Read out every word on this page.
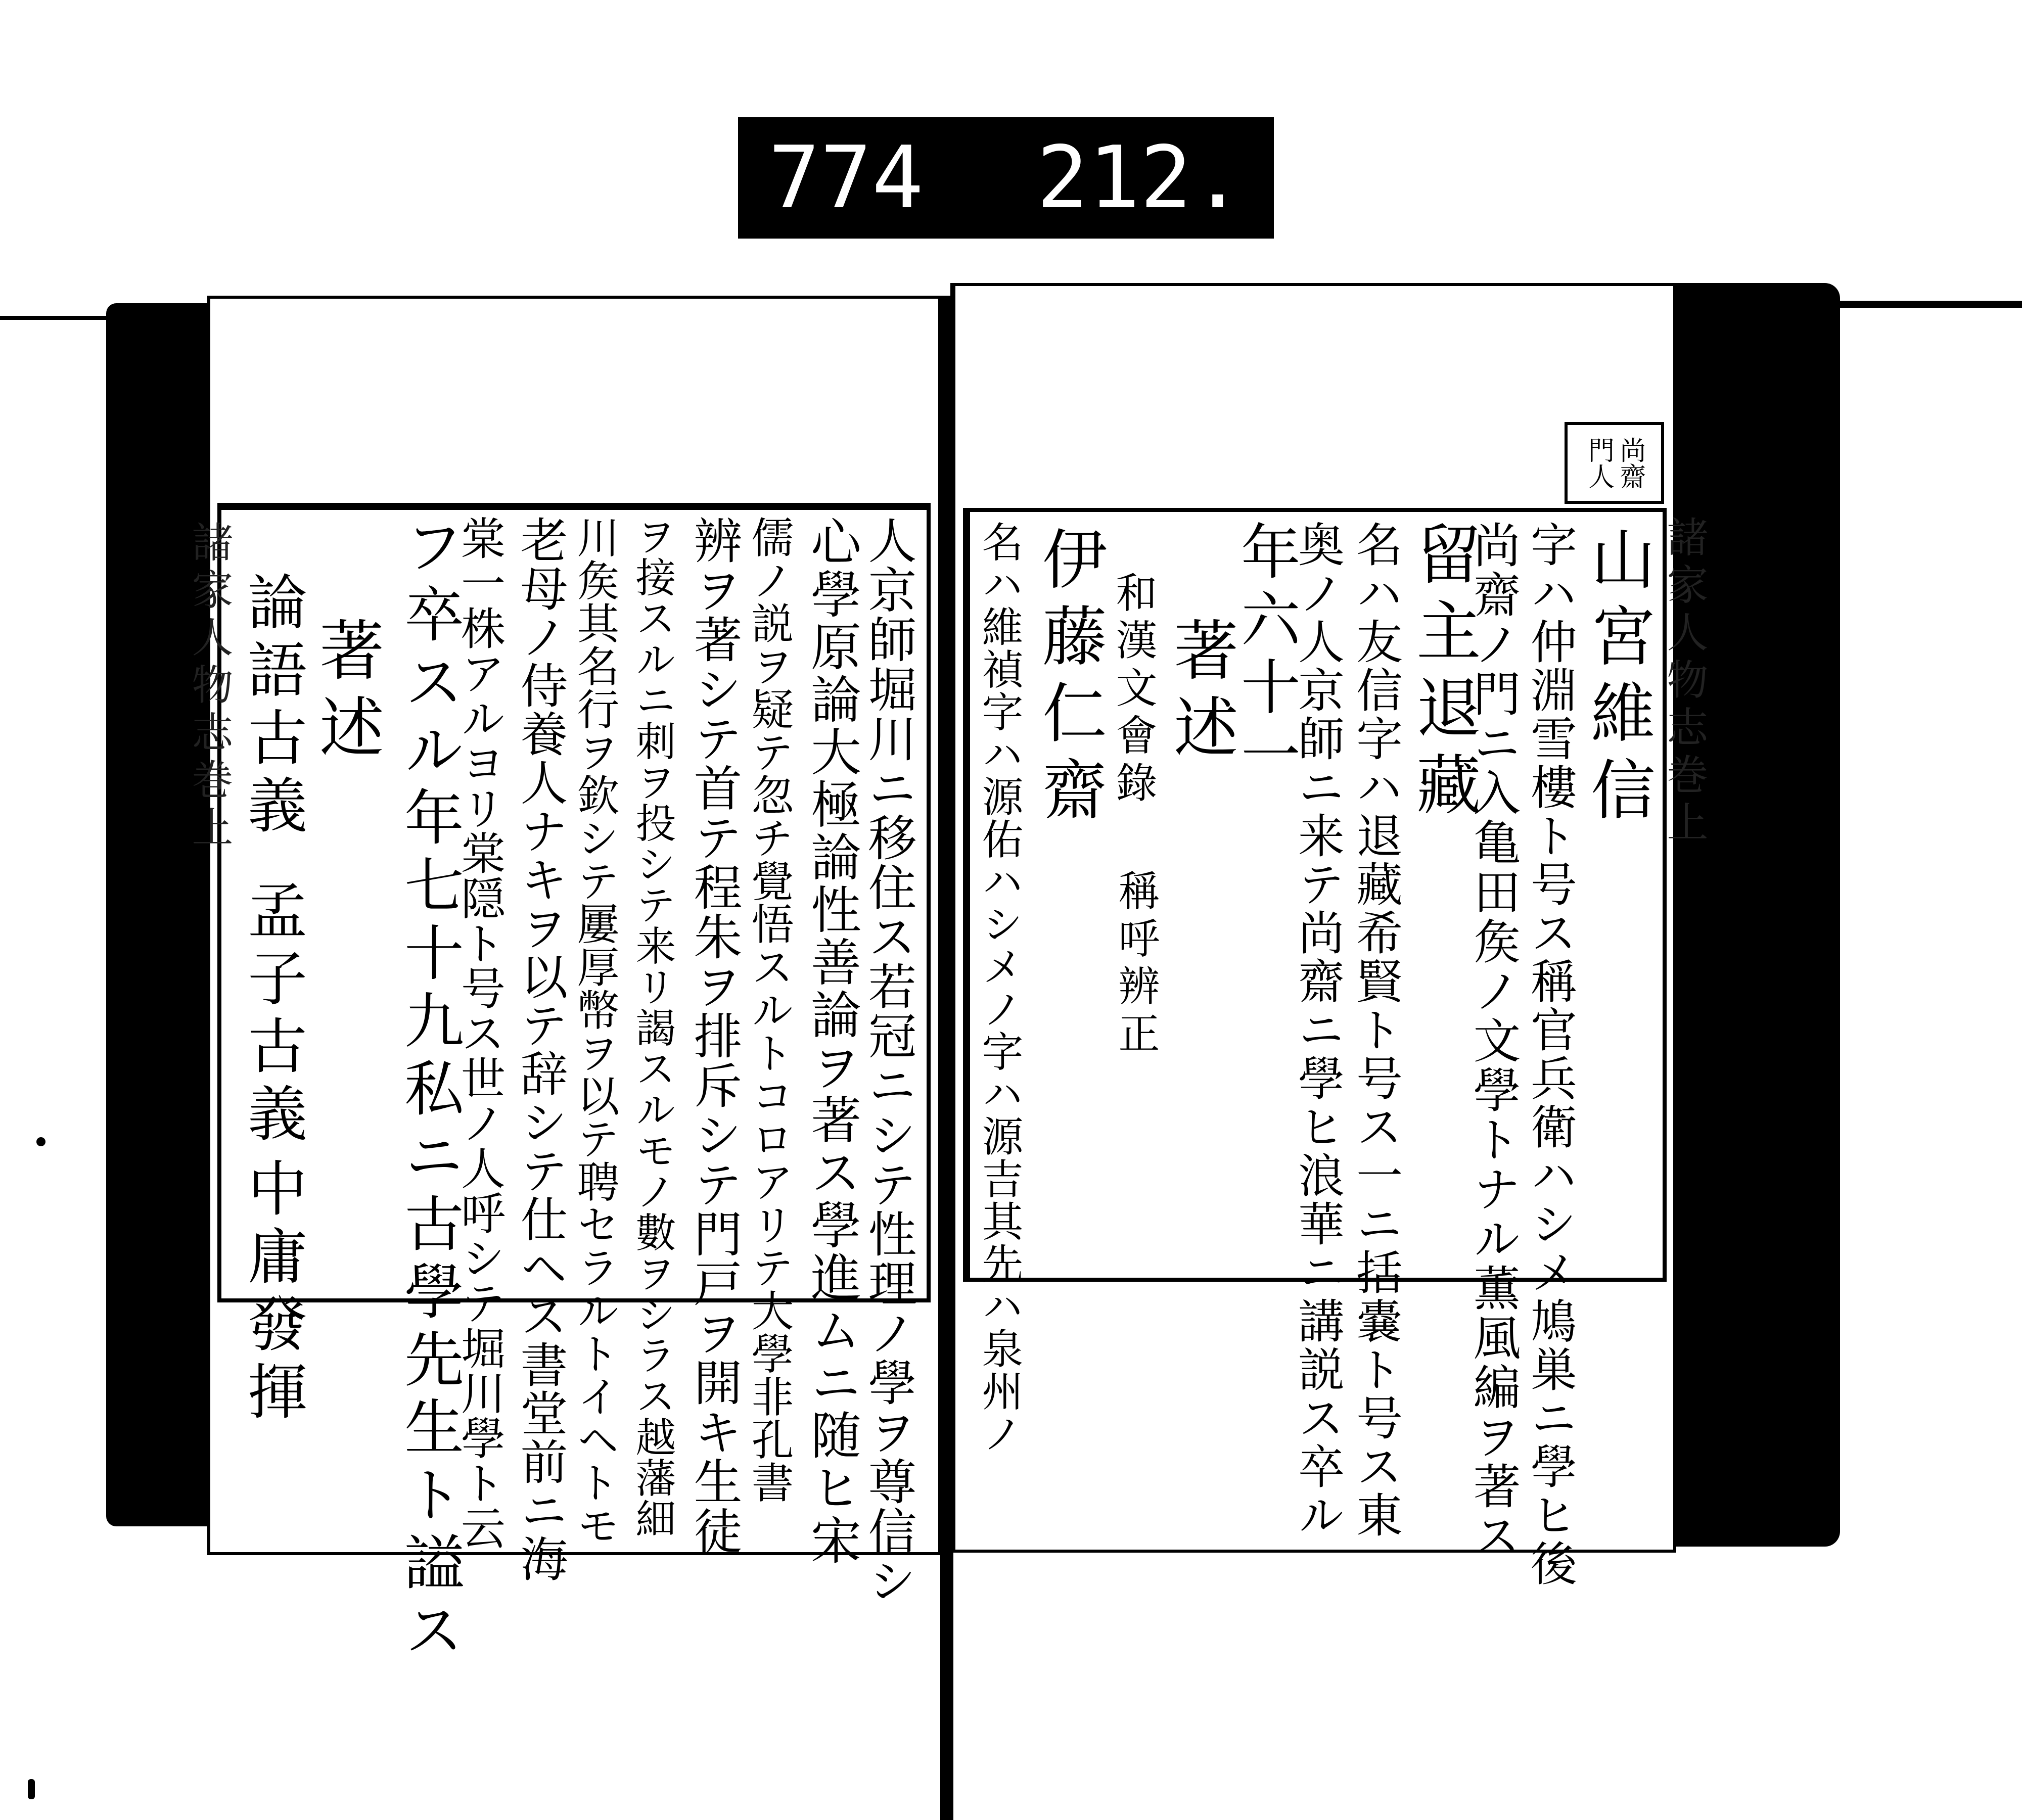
774 212.
尚齋
門人
諸家人物志巻上
山宮維信
字ハ仲淵雪樓ト号ス稱官兵衛ハシメ鳩巣ニ學ヒ後
尚齋ノ門ニ入亀田矦ノ文學トナル薫風編ヲ著ス
留主退藏
名ハ友信字ハ退藏希賢ト号ス一ニ括嚢ト号ス東
奥ノ人京師ニ来テ尚齋ニ學ヒ浪華ニ講説ス卒ル
年六十一
著述
和漢文會錄
稱呼辨正
伊藤仁齋
名ハ維禎字ハ源佑ハシメノ字ハ源吉其先ハ泉州ノ
諸家人物志巻上	人京師堀川ニ移住ス若冠ニシテ性理ノ學ヲ尊信シ
心學原論大極論性善論ヲ著ス學進ムニ随ヒ宋
儒ノ説ヲ疑テ忽チ覺悟スルトコロアリテ大學非孔書
辨ヲ著シテ首テ程朱ヲ排斥シテ門戸ヲ開キ生徒
ヲ接スルニ刺ヲ投シテ来リ謁スルモノ數ヲシラス越藩細
川矦其名行ヲ欽シテ屢厚幣ヲ以テ聘セラルトイヘトモ
老母ノ侍養人ナキヲ以テ辞シテ仕ヘス書堂前ニ海
棠一株アルヨリ棠隠ト号ス世ノ人呼シテ堀川學ト云
フ卒スル年七十九私ニ古學先生ト謚ス
著述
論語古義
孟子古義
中庸發揮
